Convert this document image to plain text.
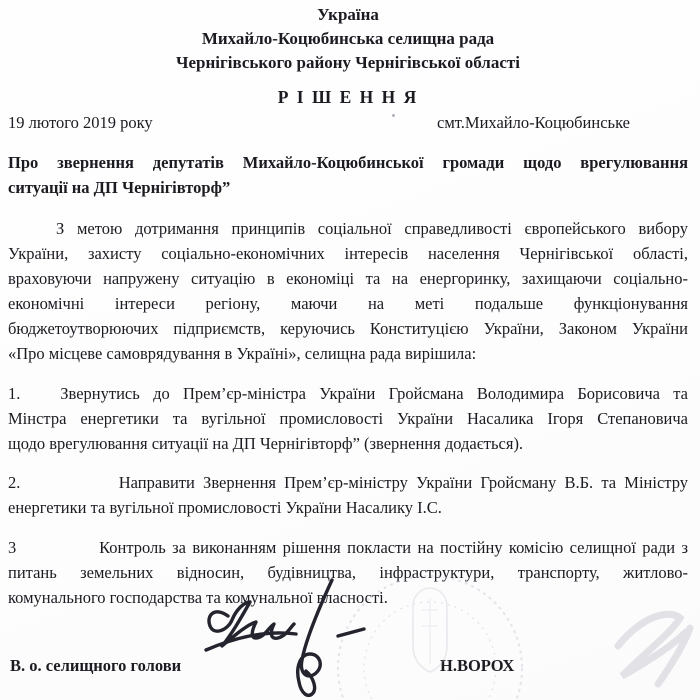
Україна
Михайло-Коцюбинська селищна рада
Чернігівського району Чернігівської області
Р І Ш Е Н Н Я
19 лютого 2019 року	смт.Михайло-Коцюбинське
Про звернення депутатів Михайло-Коцюбинської громади щодо врегулювання
ситуації на ДП Чернігівторф”
З метою дотримання принципів соціальної справедливості європейського вибору
України, захисту соціально-економічних інтересів населення Чернігівської області,
враховуючи напружену ситуацію в економіці та на енергоринку, захищаючи соціально-
економічні інтереси регіону, маючи на меті подальше функціонування
бюджетоутворюючих підприємств, керуючись Конституцією України, Законом України
«Про місцеве самоврядування в Україні», селищна рада вирішила:
1.   Звернутись до Прем’єр-міністра України Гройсмана Володимира Борисовича та
Мінстра енергетики та вугільної промисловості України Насалика Ігоря Степановича
щодо врегулювання ситуації на ДП Чернігівторф” (звернення додається).
2.            Направити Звернення Прем’єр-міністру України Гройсману В.Б. та Міністру
енергетики та вугільної промисловості України Насалику І.С.
3             Контроль за виконанням рішення покласти на постійну комісію селищної ради з
питань земельних відносин, будівництва, інфраструктури, транспорту, житлово-
комунального господарства та комунальної власності.
В. о. селищного голови	Н.ВОРОХ
